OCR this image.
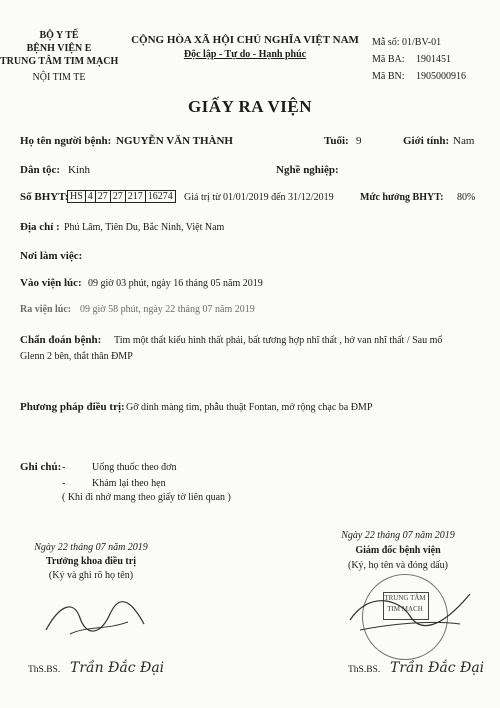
BỘ Y TẾ
BỆNH VIỆN E
TRUNG TÂM TIM MẠCH
NỘI TIM TE
CỘNG HÒA XÃ HỘI CHỦ NGHĨA VIỆT NAM
Độc lập - Tự do - Hạnh phúc
Mẫ số: 01/BV-01
Mã BA: 1901451
Mã BN: 1905000916
GIẤY RA VIỆN
Họ tên người bệnh: NGUYỄN VĂN THÀNH	Tuổi: 9	Giới tính: Nam
Dân tộc: Kinh	Nghề nghiệp:
Số BHYT: HS 4 27 27 217 16274 Giá trị từ 01/01/2019 đến 31/12/2019	Mức hưởng BHYT: 80%
Địa chỉ : Phú Lâm, Tiên Du, Bắc Ninh, Việt Nam
Nơi làm việc:
Vào viện lúc: 09 giờ 03 phút, ngày 16 tháng 05 năm 2019
Ra viện lúc: 09 giờ 58 phút, ngày 22 tháng 07 năm 2019
Chẩn đoán bệnh: Tim một thất kiểu hình thất phải, bất tương hợp nhĩ thất , hở van nhĩ thất / Sau mổ
Glenn 2 bên, thắt thân ĐMP
Phương pháp điều trị: Gỡ dính màng tim, phẫu thuật Fontan, mở rộng chạc ba ĐMP
Ghi chú: -	Uống thuốc theo đơn
-	Khám lại theo hẹn
( Khi đi nhớ mang theo giấy tờ liên quan )
Ngày 22 tháng 07 năm 2019
Trưởng khoa điều trị
(Ký và ghi rõ họ tên)
ThS.BS. Trần Đắc Đại
Ngày 22 tháng 07 năm 2019
Giám đốc bệnh viện
(Ký, họ tên và đóng dấu)
TRUNG TÂM
TIM MẠCH
ThS.BS. Trần Đắc Đại
